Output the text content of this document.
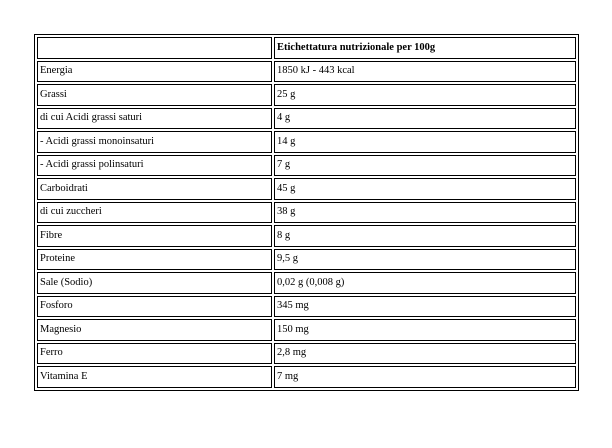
	Etichettatura nutrizionale per 100g
Energia	1850 kJ - 443 kcal
Grassi	25 g
di cui Acidi grassi saturi	4 g
- Acidi grassi monoinsaturi	14 g
- Acidi grassi polinsaturi	7 g
Carboidrati	45 g
di cui zuccheri	38 g
Fibre	8 g
Proteine	9,5 g
Sale (Sodio)	0,02 g (0,008 g)
Fosforo	345 mg
Magnesio	150 mg
Ferro	2,8 mg
Vitamina E	7 mg
